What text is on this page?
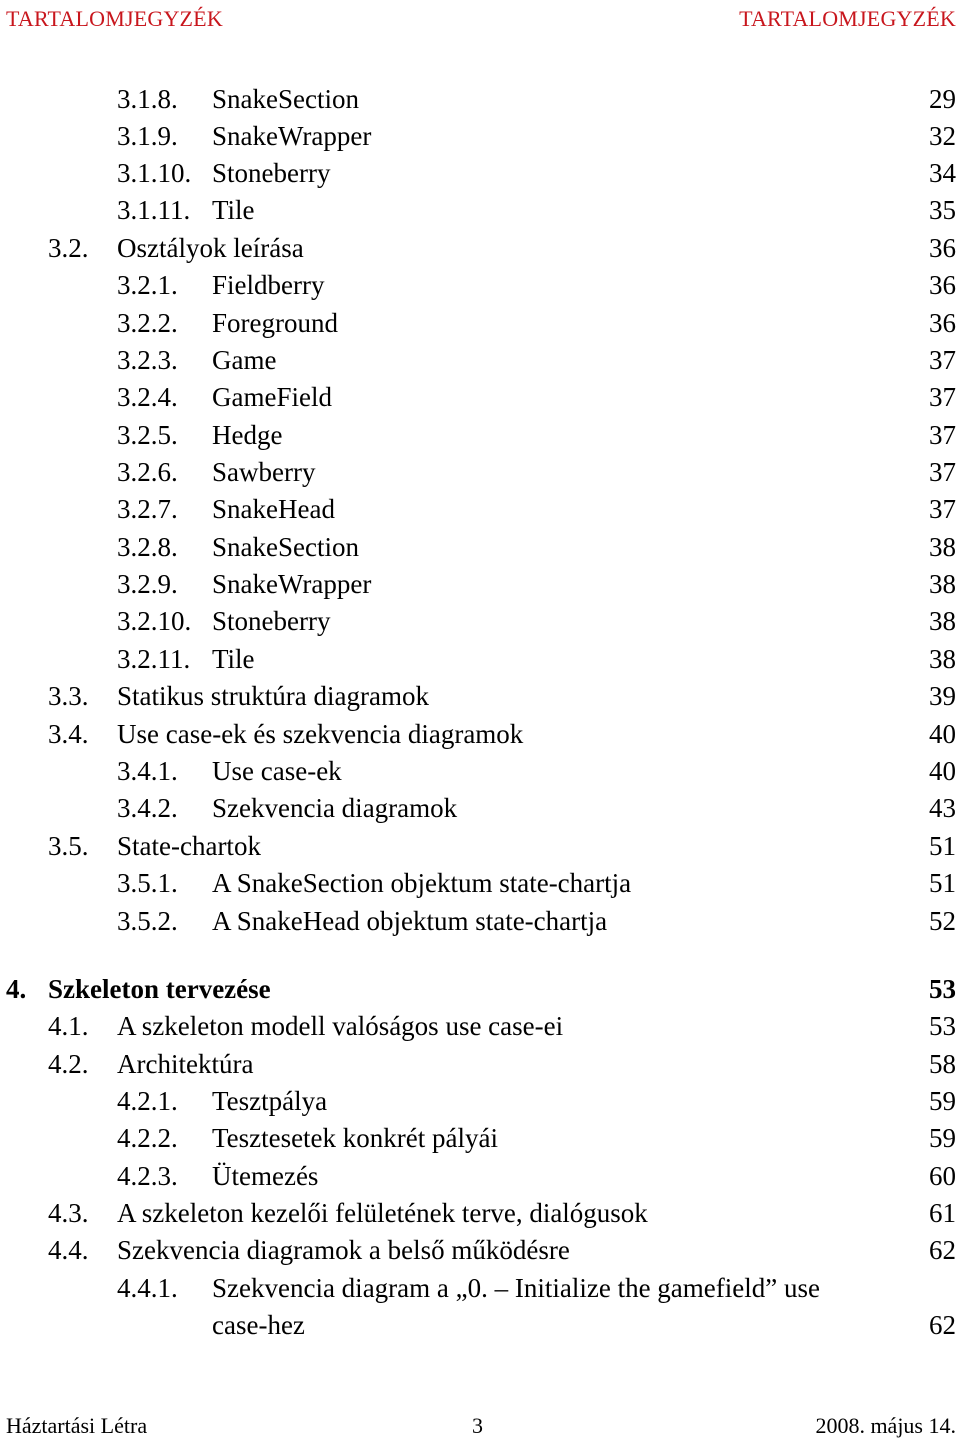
TARTALOMJEGYZÉK	TARTALOMJEGYZÉK
3.1.8. SnakeSection . . .	29
3.1.9. SnakeWrapper . . .	32
3.1.10. Stoneberry . . .	34
3.1.11. Tile . . .	35
3.2. Osztályok leírása . . .	36
3.2.1. Fieldberry . . .	36
3.2.2. Foreground . . .	36
3.2.3. Game . . .	37
3.2.4. GameField . . .	37
3.2.5. Hedge . . .	37
3.2.6. Sawberry . . .	37
3.2.7. SnakeHead . . .	37
3.2.8. SnakeSection . . .	38
3.2.9. SnakeWrapper . . .	38
3.2.10. Stoneberry . . .	38
3.2.11. Tile . . .	38
3.3. Statikus struktúra diagramok . . .	39
3.4. Use case-ek és szekvencia diagramok . . .	40
3.4.1. Use case-ek . . .	40
3.4.2. Szekvencia diagramok . . .	43
3.5. State-chartok . . .	51
3.5.1. A SnakeSection objektum state-chartja . . .	51
3.5.2. A SnakeHead objektum state-chartja . . .	52
4. Szkeleton tervezése	53
4.1. A szkeleton modell valóságos use case-ei . . .	53
4.2. Architektúra . . .	58
4.2.1. Tesztpálya . . .	59
4.2.2. Tesztesetek konkrét pályái . . .	59
4.2.3. Ütemezés . . .	60
4.3. A szkeleton kezelői felületének terve, dialógusok . . .	61
4.4. Szekvencia diagramok a belső működésre . . .	62
4.4.1. Szekvencia diagram a „0. – Initialize the gamefield” use
case-hez . . .	62
Háztartási Létra	3	2008. május 14.
